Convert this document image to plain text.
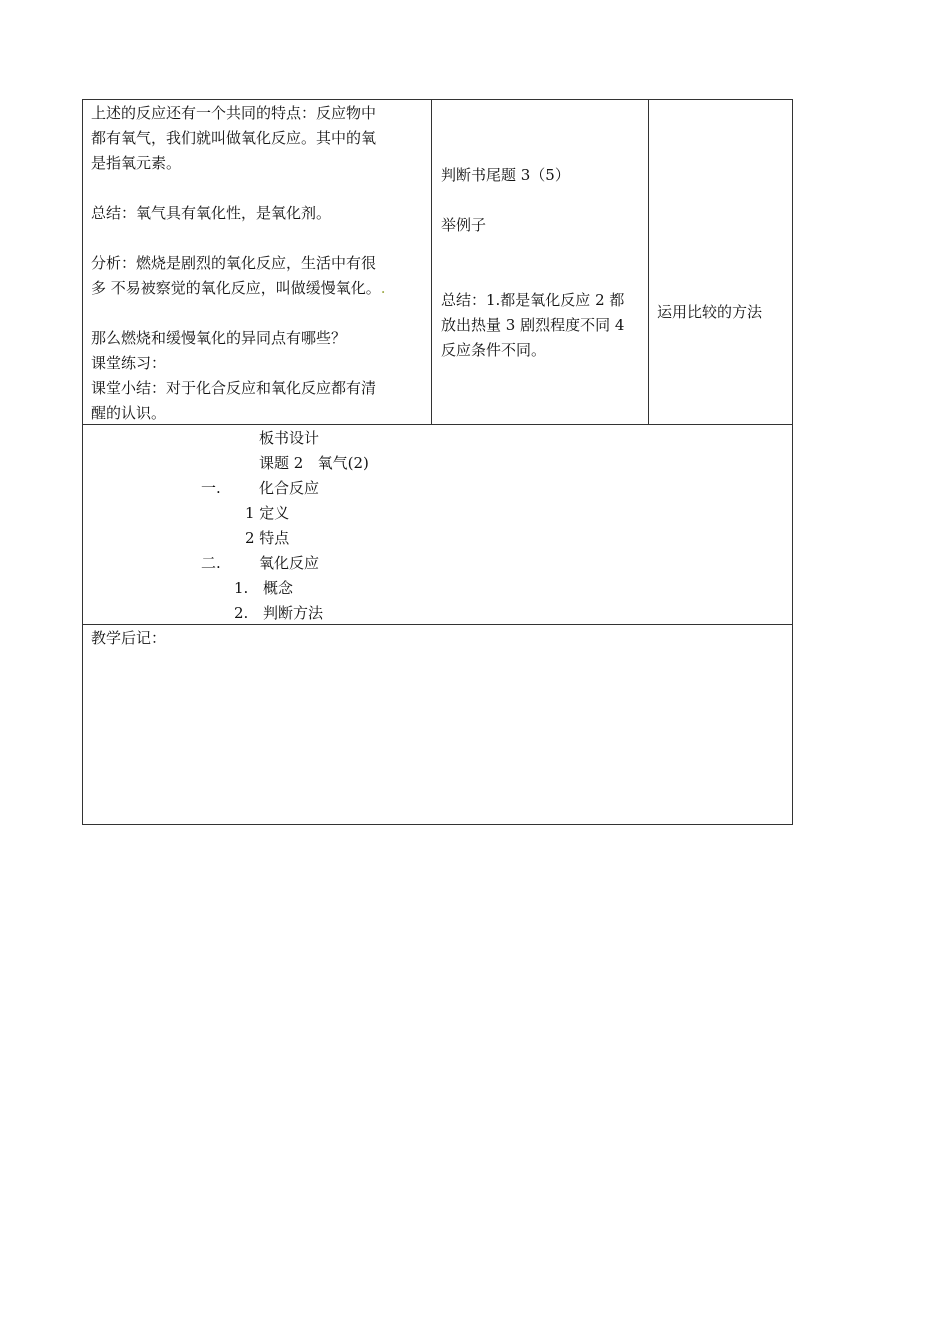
上述的反应还有一个共同的特点：反应物中
都有氧气，我们就叫做氧化反应。其中的氧
是指氧元素。
总结：氧气具有氧化性，是氧化剂。
分析：燃烧是剧烈的氧化反应，生活中有很
多 不易被察觉的氧化反应，叫做缓慢氧化。.
那么燃烧和缓慢氧化的异同点有哪些？
课堂练习：
课堂小结：对于化合反应和氧化反应都有清
醒的认识。
判断书尾题 3（5）
举例子
总结：1.都是氧化反应 2 都
放出热量 3 剧烈程度不同 4
反应条件不同。
运用比较的方法
板书设计
课题 2   氧气(2)
一.	化合反应
1 定义
2 特点
二.	氧化反应
1. 概念
2. 判断方法
教学后记：
